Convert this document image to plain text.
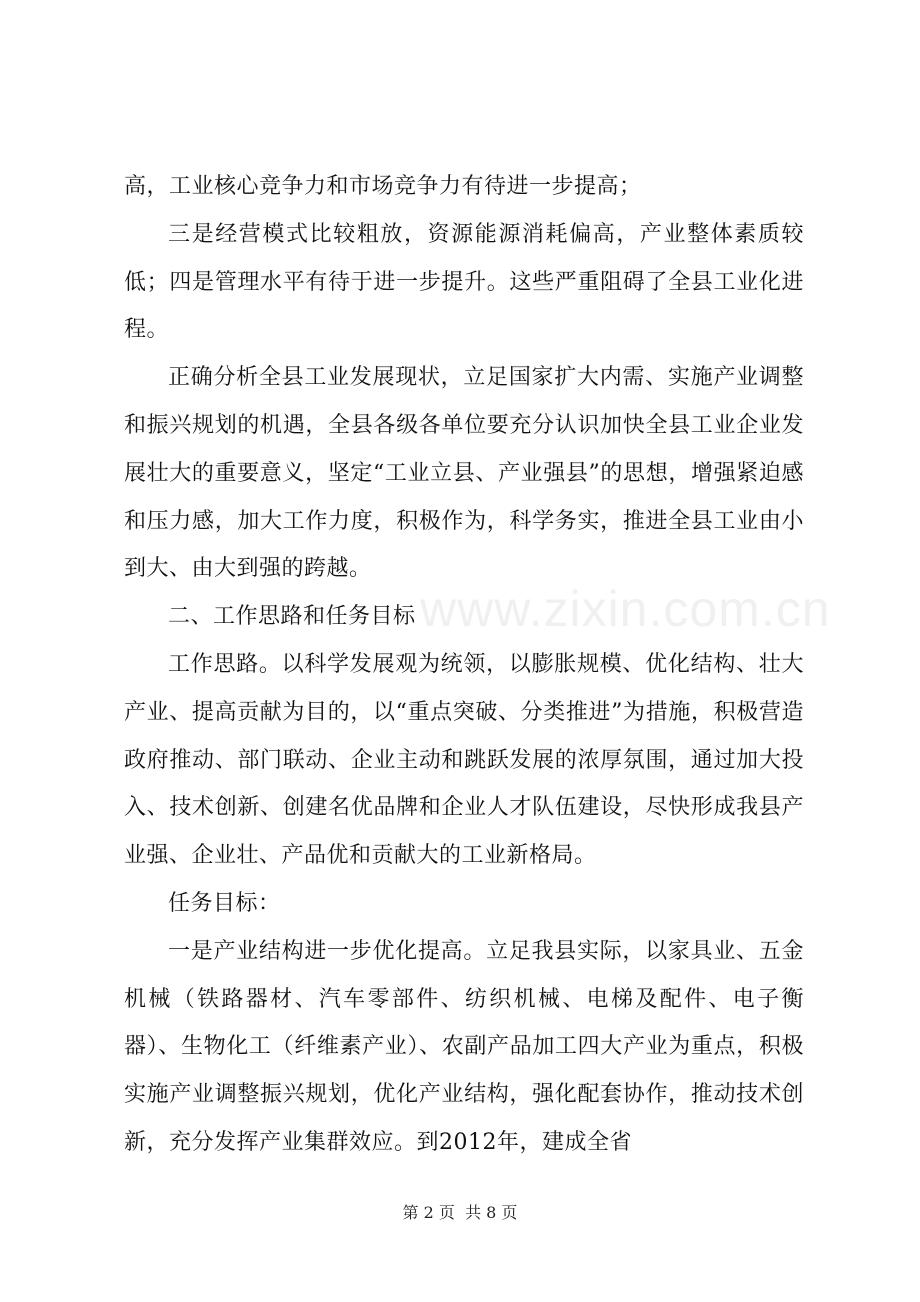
高，工业核心竞争力和市场竞争力有待进一步提高；

三是经营模式比较粗放，资源能源消耗偏高，产业整体素质较低；四是管理水平有待于进一步提升。这些严重阻碍了全县工业化进程。

正确分析全县工业发展现状，立足国家扩大内需、实施产业调整和振兴规划的机遇，全县各级各单位要充分认识加快全县工业企业发展壮大的重要意义，坚定“工业立县、产业强县”的思想，增强紧迫感和压力感，加大工作力度，积极作为，科学务实，推进全县工业由小到大、由大到强的跨越。

二、工作思路和任务目标

工作思路。以科学发展观为统领，以膨胀规模、优化结构、壮大产业、提高贡献为目的，以“重点突破、分类推进”为措施，积极营造政府推动、部门联动、企业主动和跳跃发展的浓厚氛围，通过加大投入、技术创新、创建名优品牌和企业人才队伍建设，尽快形成我县产业强、企业壮、产品优和贡献大的工业新格局。

任务目标：

一是产业结构进一步优化提高。立足我县实际，以家具业、五金机械（铁路器材、汽车零部件、纺织机械、电梯及配件、电子衡器）、生物化工（纤维素产业）、农副产品加工四大产业为重点，积极实施产业调整振兴规划，优化产业结构，强化配套协作，推动技术创新，充分发挥产业集群效应。到2012年，建成全省

www.zixin.com.cn
第 2 页  共 8 页
